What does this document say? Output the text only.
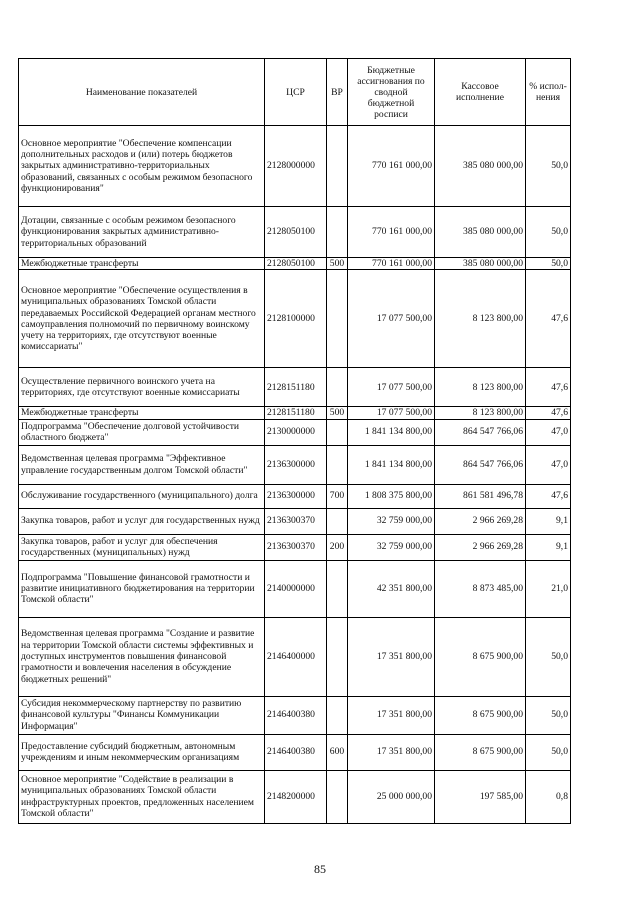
Наименование показателей	ЦСР	ВР	Бюджетные ассигнования по сводной бюджетной росписи	Кассовое исполнение	% испол-нения
Основное мероприятие "Обеспечение компенсации дополнительных расходов и (или) потерь бюджетов закрытых административно-территориальных образований, связанных с особым режимом безопасного функционирования"	2128000000		770 161 000,00	385 080 000,00	50,0
Дотации, связанные с особым режимом безопасного функционирования закрытых административно-территориальных образований	2128050100		770 161 000,00	385 080 000,00	50,0
Межбюджетные трансферты	2128050100	500	770 161 000,00	385 080 000,00	50,0
Основное мероприятие "Обеспечение осуществления в муниципальных образованиях Томской области передаваемых Российской Федерацией органам местного самоуправления полномочий по первичному воинскому учету на территориях, где отсутствуют военные комиссариаты"	2128100000		17 077 500,00	8 123 800,00	47,6
Осуществление первичного воинского учета на территориях, где отсутствуют военные комиссариаты	2128151180		17 077 500,00	8 123 800,00	47,6
Межбюджетные трансферты	2128151180	500	17 077 500,00	8 123 800,00	47,6
Подпрограмма "Обеспечение долговой устойчивости областного бюджета"	2130000000		1 841 134 800,00	864 547 766,06	47,0
Ведомственная целевая программа "Эффективное управление государственным долгом Томской области"	2136300000		1 841 134 800,00	864 547 766,06	47,0
Обслуживание государственного (муниципального) долга	2136300000	700	1 808 375 800,00	861 581 496,78	47,6
Закупка товаров, работ и услуг для государственных нужд	2136300370		32 759 000,00	2 966 269,28	9,1
Закупка товаров, работ и услуг для обеспечения государственных (муниципальных) нужд	2136300370	200	32 759 000,00	2 966 269,28	9,1
Подпрограмма "Повышение финансовой грамотности и развитие инициативного бюджетирования на территории Томской области"	2140000000		42 351 800,00	8 873 485,00	21,0
Ведомственная целевая программа "Создание и развитие на территории Томской области системы эффективных и доступных инструментов повышения финансовой грамотности и вовлечения населения в обсуждение бюджетных решений"	2146400000		17 351 800,00	8 675 900,00	50,0
Субсидия некоммерческому партнерству по развитию финансовой культуры "Финансы Коммуникации Информация"	2146400380		17 351 800,00	8 675 900,00	50,0
Предоставление субсидий бюджетным, автономным учреждениям и иным некоммерческим организациям	2146400380	600	17 351 800,00	8 675 900,00	50,0
Основное мероприятие "Содействие в реализации в муниципальных образованиях Томской области инфраструктурных проектов, предложенных населением Томской области"	2148200000		25 000 000,00	197 585,00	0,8
85
